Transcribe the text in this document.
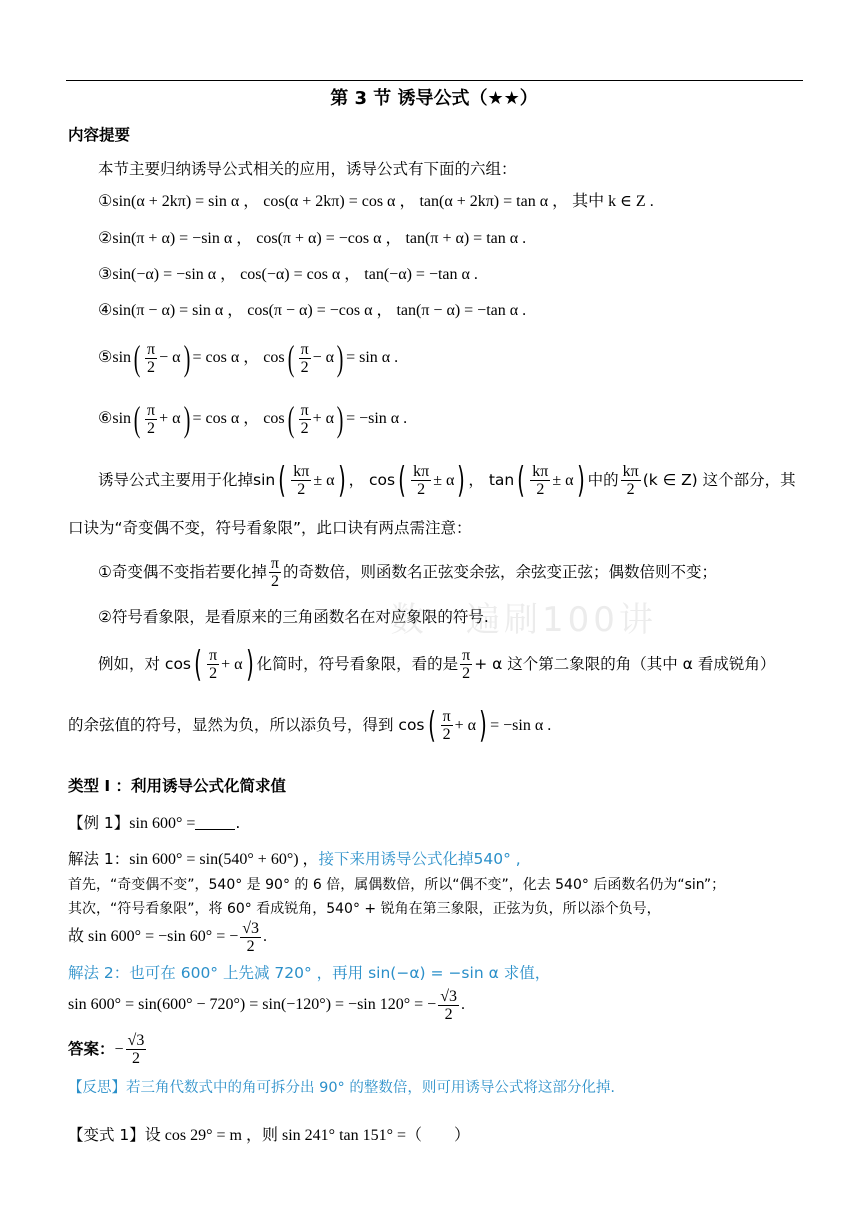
第 3 节 诱导公式（★★）
数一遍刷100讲
内容提要
本节主要归纳诱导公式相关的应用，诱导公式有下面的六组：
①sin(α + 2kπ) = sin α ， cos(α + 2kπ) = cos α ， tan(α + 2kπ) = tan α ， 其中 k ∈ Z .
②sin(π + α) = −sin α ， cos(π + α) = −cos α ， tan(π + α) = tan α .
③sin(−α) = −sin α ， cos(−α) = cos α ， tan(−α) = −tan α .
④sin(π − α) = sin α ， cos(π − α) = −cos α ， tan(π − α) = −tan α .
⑤sin( $\frac{\pi}{2} - \alpha) = \cos \alpha$ ， $\cos( \frac{\pi}{2} - \alpha) = \sin \alpha$ .
⑥sin( $\frac{\pi}{2} + \alpha) = \cos \alpha$ ， $\cos( \frac{\pi}{2} + \alpha) = -\sin$ α .
诱导公式主要用于化掉$\sin( \frac{k\pi}{2} \pm \alpha)$ ， $\cos( \frac{k\pi}{2} \pm \alpha)$ ， $\tan( \frac{k\pi}{2} \pm \alpha)$ 中的 $\frac{k\pi}{2} (k$ ∈ Z) 这个部分，其
口诀为“奇变偶不变，符号看象限”，此口诀有两点需注意：
①奇变偶不变指若要化掉 $\frac{\pi}{2}$ 的奇数倍，则函数名正弦变余弦，余弦变正弦；偶数倍则不变；
②符号看象限，是看原来的三角函数名在对应象限的符号.
例如，对 $\cos( \frac{\pi}{2} + \alpha)$ 化简时，符号看象限，看的是 $\frac{\pi}{2} + \alpha$ 这个第二象限的角（其中 α 看成锐角）
的余弦值的符号，显然为负，所以添负号，得到 $\cos( \frac{\pi}{2} + \alpha) = -\sin$ α .
类型 I ：利用诱导公式化简求值
【例 1】sin 600° =	.
解法 1：sin 600° = sin(540° + 60°) ，接下来用诱导公式化掉540° ,
首先，“奇变偶不变”，540° 是 90° 的 6 倍，属偶数倍，所以“偶不变”，化去 540° 后函数名仍为“sin”；
其次，“符号看象限”，将 60° 看成锐角，540° + 锐角在第三象限，正弦为负，所以添个负号，
故 sin 600° = −sin 60° = − $\frac{√3}{2}$ .
解法 2：也可在 600° 上先减 720° ，再用 sin(−α) = −sin α 求值，
sin 600° = sin(600° − 720°) = sin(−120°) = −sin 120° = − $\frac{√3}{2}$ .
答案：− $\frac{√3}{2}$
【反思】若三角代数式中的角可拆分出 90° 的整数倍，则可用诱导公式将这部分化掉.
【变式 1】设 cos 29° = m ，则 sin 241° tan 151° =（　　）
